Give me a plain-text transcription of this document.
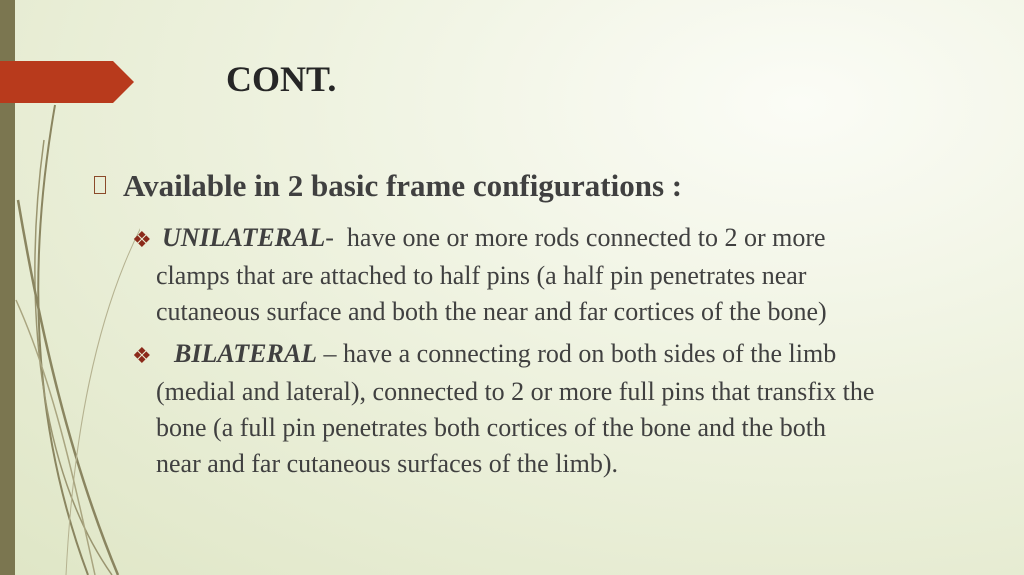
CONT.
Available in 2 basic frame configurations :
❖ UNILATERAL-  have one or more rods connected to 2 or more
clamps that are attached to half pins (a half pin penetrates near
cutaneous surface and both the near and far cortices of the bone)
❖ BILATERAL – have a connecting rod on both sides of the limb
(medial and lateral), connected to 2 or more full pins that transfix the
bone (a full pin penetrates both cortices of the bone and the both
near and far cutaneous surfaces of the limb).
